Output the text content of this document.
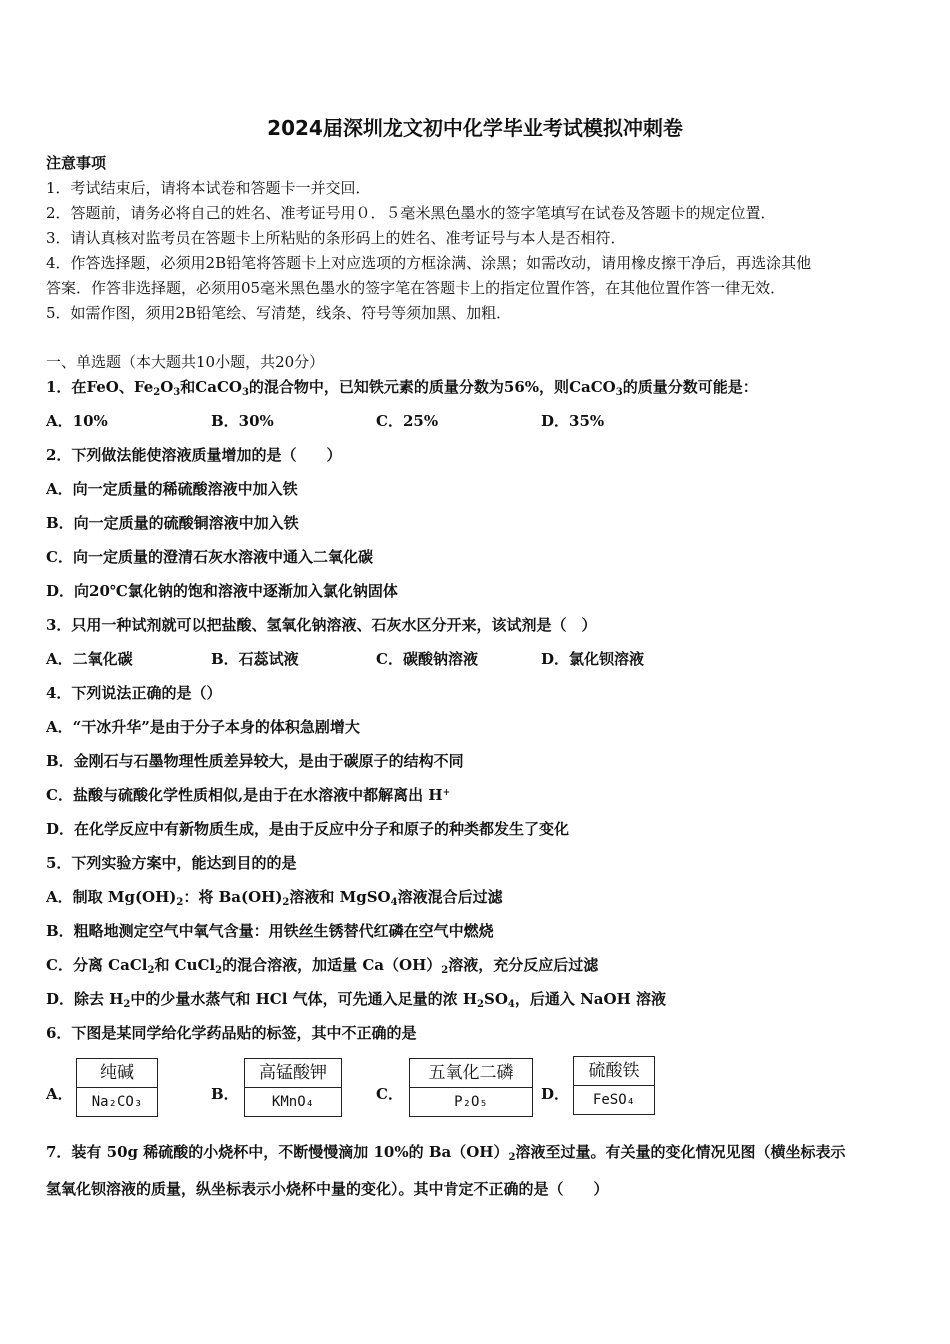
2024届深圳龙文初中化学毕业考试模拟冲刺卷
注意事项
1．考试结束后，请将本试卷和答题卡一并交回．
2．答题前，请务必将自己的姓名、准考证号用０．５毫米黑色墨水的签字笔填写在试卷及答题卡的规定位置．
3．请认真核对监考员在答题卡上所粘贴的条形码上的姓名、准考证号与本人是否相符．
4．作答选择题，必须用2B铅笔将答题卡上对应选项的方框涂满、涂黑；如需改动，请用橡皮擦干净后，再选涂其他
答案．作答非选择题，必须用05毫米黑色墨水的签字笔在答题卡上的指定位置作答，在其他位置作答一律无效．
5．如需作图，须用2B铅笔绘、写清楚，线条、符号等须加黑、加粗．
一、单选题（本大题共10小题，共20分）
1．在FeO、$Fe_2O_3$和CaCO$_3$的混合物中，已知铁元素的质量分数为56%，则CaCO$_3$的质量分数可能是：
A．10%	B．30%	C．25%	D．35%
2．下列做法能使溶液质量增加的是（　　）
A．向一定质量的稀硫酸溶液中加入铁
B．向一定质量的硫酸铜溶液中加入铁
C．向一定质量的澄清石灰水溶液中通入二氧化碳
D．向20℃氯化钠的饱和溶液中逐渐加入氯化钠固体
3．只用一种试剂就可以把盐酸、氢氧化钠溶液、石灰水区分开来，该试剂是（　）
A．二氧化碳	B．石蕊试液	C．碳酸钠溶液	D．氯化钡溶液
4．下列说法正确的是（）
A．“干冰升华”是由于分子本身的体积急剧增大
B．金刚石与石墨物理性质差异较大，是由于碳原子的结构不同
C．盐酸与硫酸化学性质相似,是由于在水溶液中都解离出 H+
D．在化学反应中有新物质生成，是由于反应中分子和原子的种类都发生了变化
5．下列实验方案中，能达到目的的是
A．制取 $Mg(OH)_2$：将 $Ba(OH)_2$溶液和 MgSO$_4$溶液混合后过滤
B．粗略地测定空气中氧气含量：用铁丝生锈替代红磷在空气中燃烧
C．分离 CaCl$_2$和 CuCl$_2$的混合溶液，加适量 $Ca(OH)_2$溶液，充分反应后过滤
D．除去 $H_2$中的少量水蒸气和 HCl 气体，可先通入足量的浓 $H_2SO_4$，后通入 NaOH 溶液
6．下图是某同学给化学药品贴的标签，其中不正确的是
A．
纯碱
Na₂CO₃	B．
高锰酸钾
KMnO₄	C．
五氧化二磷
P₂O₅	D．
硫酸铁
FeSO₄
7．装有 50g 稀硫酸的小烧杯中，不断慢慢滴加 10%的 $Ba(OH)_2$溶液至过量。有关量的变化情况见图（横坐标表示
氢氧化钡溶液的质量，纵坐标表示小烧杯中量的变化）。其中肯定不正确的是（　　）
